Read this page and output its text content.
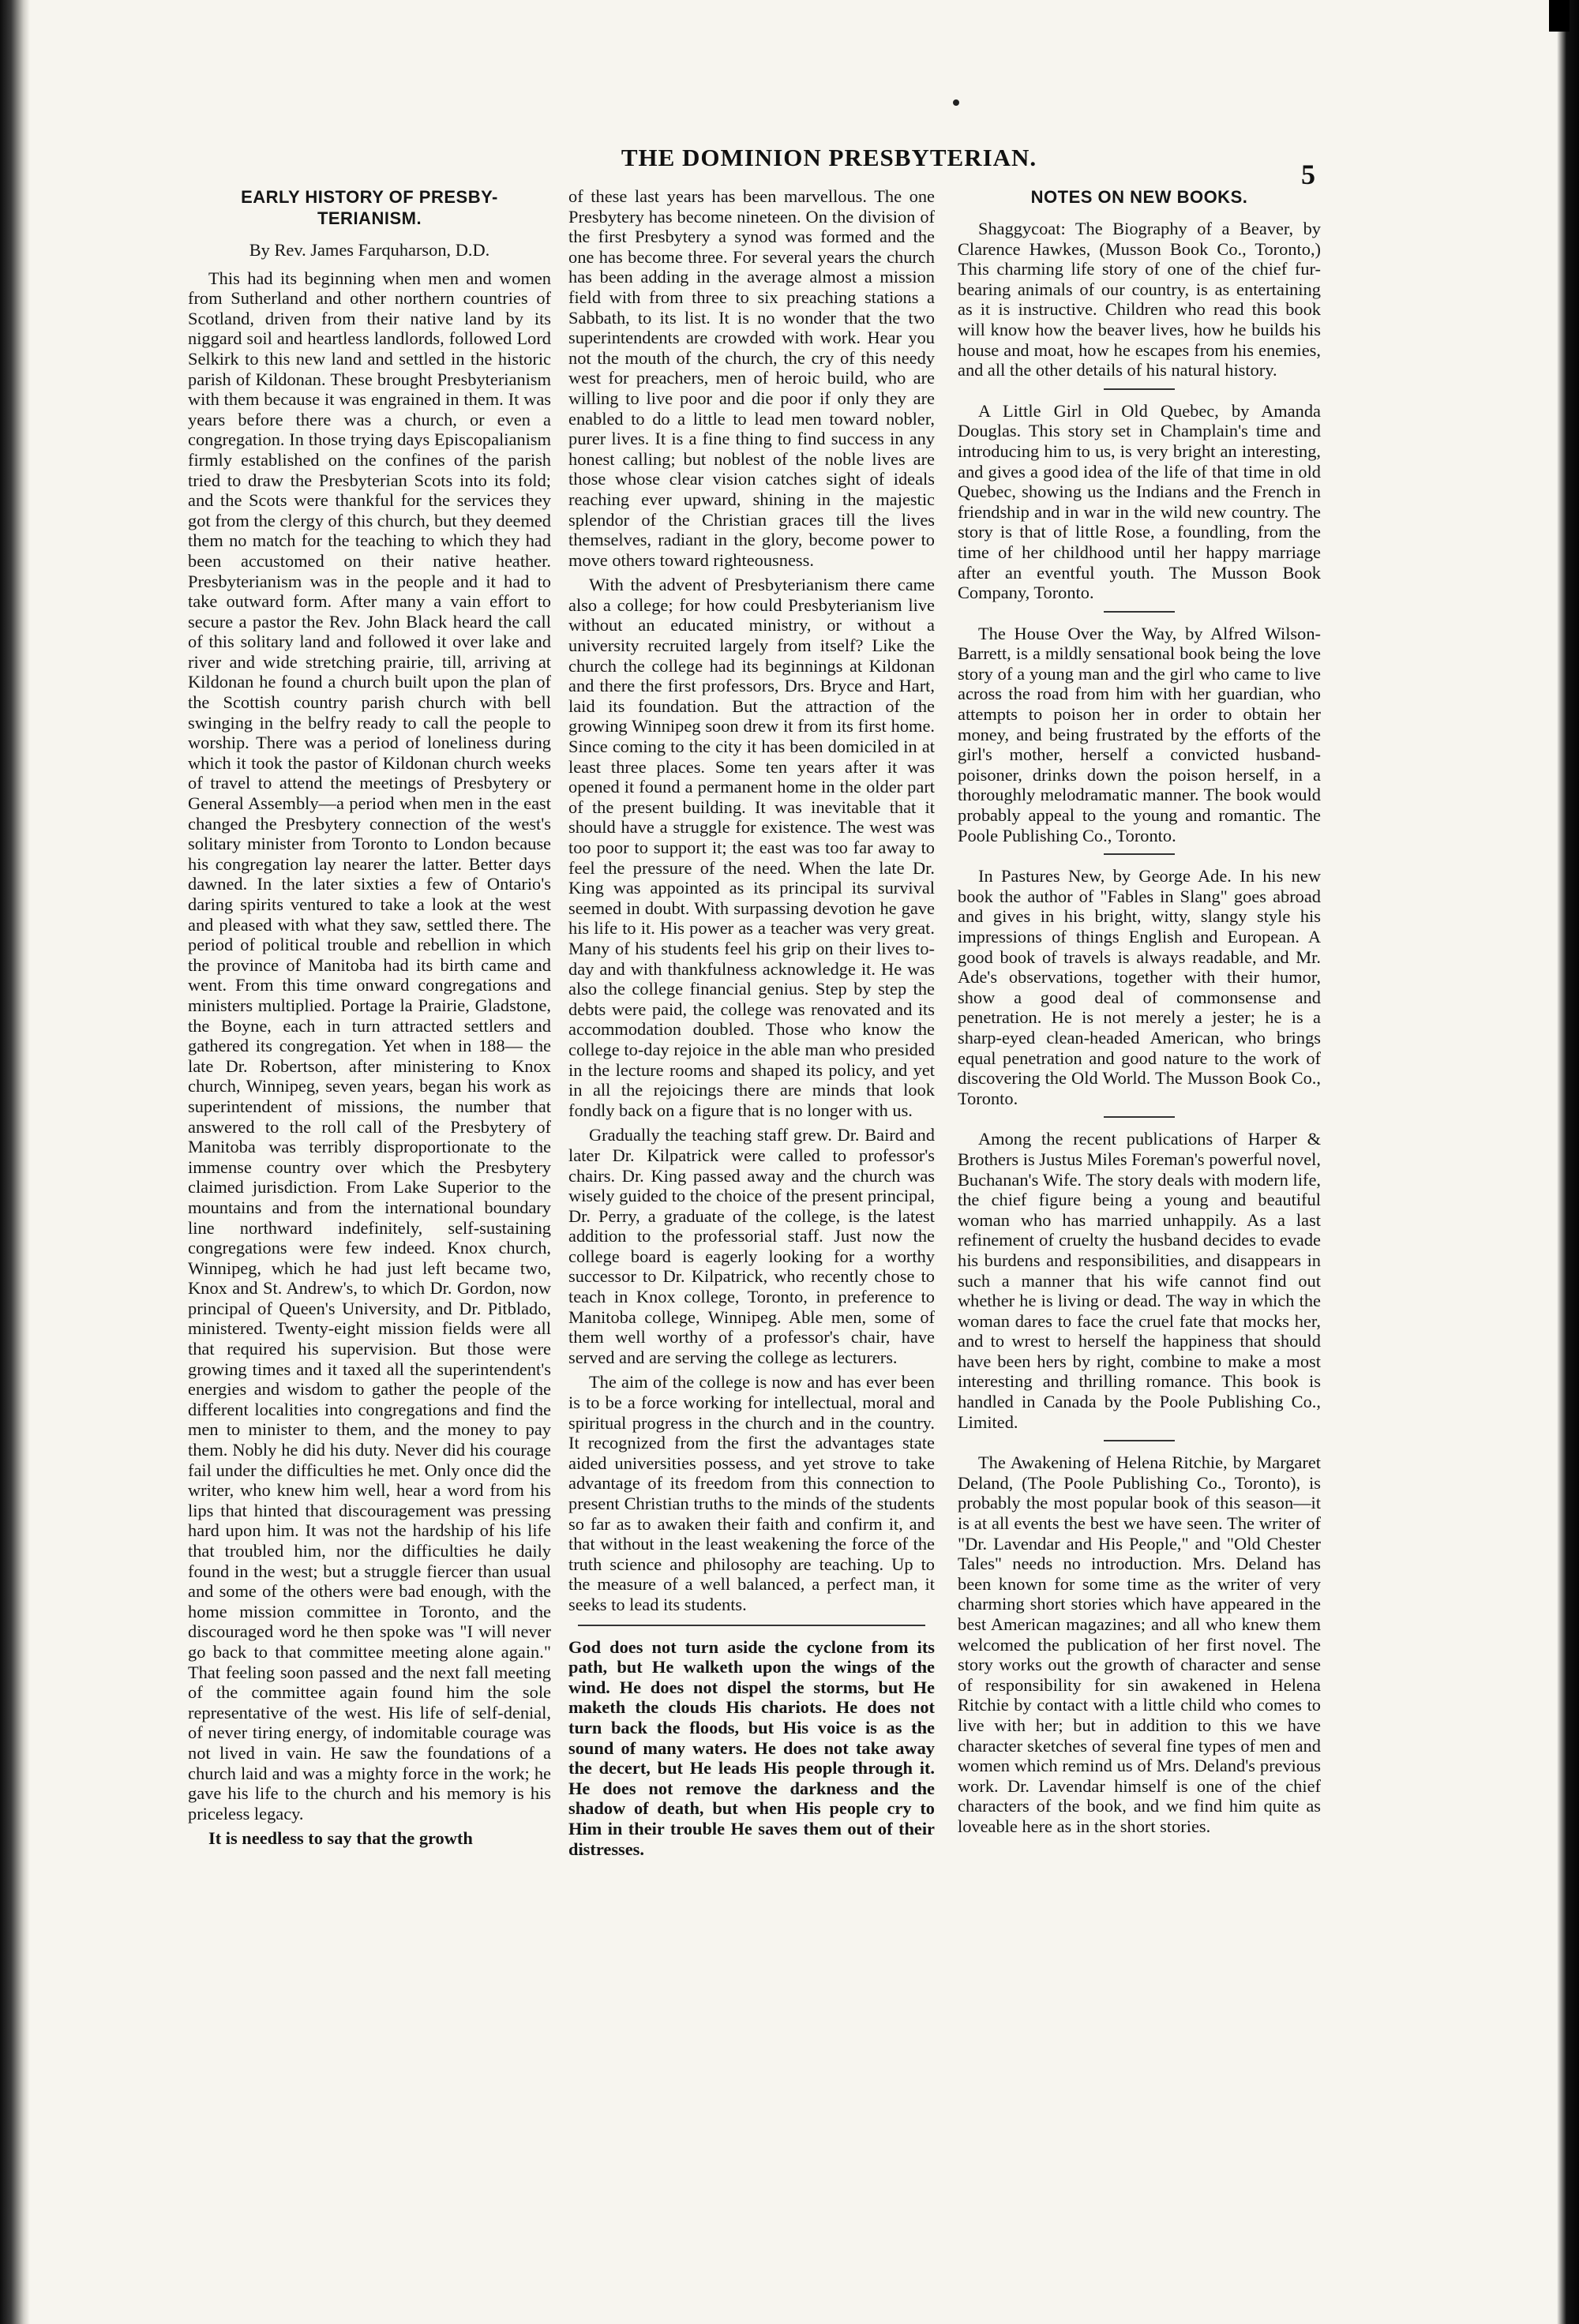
THE DOMINION PRESBYTERIAN.
5
EARLY HISTORY OF PRESBY- TERIANISM.
By Rev. James Farquharson, D.D.

This had its beginning when men and women from Sutherland and other northern countries of Scotland, driven from their native land by its niggard soil and heartless landlords, followed Lord Selkirk to this new land and settled in the historic parish of Kildonan. These brought Presbyterianism with them because it was engrained in them. It was years before there was a church, or even a congregation. In those trying days Episcopalianism firmly established on the confines of the parish tried to draw the Presbyterian Scots into its fold; and the Scots were thankful for the services they got from the clergy of this church, but they deemed them no match for the teaching to which they had been accustomed on their native heather. Presbyterianism was in the people and it had to take outward form. After many a vain effort to secure a pastor the Rev. John Black heard the call of this solitary land and followed it over lake and river and wide stretching prairie, till, arriving at Kildonan he found a church built upon the plan of the Scottish country parish church with bell swinging in the belfry ready to call the people to worship. There was a period of loneliness during which it took the pastor of Kildonan church weeks of travel to attend the meetings of Presbytery or General Assembly—a period when men in the east changed the Presbytery connection of the west's solitary minister from Toronto to London because his congregation lay nearer the latter. Better days dawned. In the later sixties a few of Ontario's daring spirits ventured to take a look at the west and pleased with what they saw, settled there. The period of political trouble and rebellion in which the province of Manitoba had its birth came and went. From this time onward congregations and ministers multiplied. Portage la Prairie, Gladstone, the Boyne, each in turn attracted settlers and gathered its congregation. Yet when in 188— the late Dr. Robertson, after ministering to Knox church, Winnipeg, seven years, began his work as superintendent of missions, the number that answered to the roll call of the Presbytery of Manitoba was terribly disproportionate to the immense country over which the Presbytery claimed jurisdiction. From Lake Superior to the mountains and from the international boundary line northward indefinitely, self-sustaining congregations were few indeed. Knox church, Winnipeg, which he had just left became two, Knox and St. Andrew's, to which Dr. Gordon, now principal of Queen's University, and Dr. Pitblado, ministered. Twenty-eight mission fields were all that required his supervision. But those were growing times and it taxed all the superintendent's energies and wisdom to gather the people of the different localities into congregations and find the men to minister to them, and the money to pay them. Nobly he did his duty. Never did his courage fail under the difficulties he met. Only once did the writer, who knew him well, hear a word from his lips that hinted that discouragement was pressing hard upon him. It was not the hardship of his life that troubled him, nor the difficulties he daily found in the west; but a struggle fiercer than usual and some of the others were bad enough, with the home mission committee in Toronto, and the discouraged word he then spoke was "I will never go back to that committee meeting alone again." That feeling soon passed and the next fall meeting of the committee again found him the sole representative of the west. His life of self-denial, of never tiring energy, of indomitable courage was not lived in vain. He saw the foundations of a church laid and was a mighty force in the work; he gave his life to the church and his memory is his priceless legacy.

It is needless to say that the growth

of these last years has been marvellous. The one Presbytery has become nineteen. On the division of the first Presbytery a synod was formed and the one has become three. For several years the church has been adding in the average almost a mission field with from three to six preaching stations a Sabbath, to its list. It is no wonder that the two superintendents are crowded with work. Hear you not the mouth of the church, the cry of this needy west for preachers, men of heroic build, who are willing to live poor and die poor if only they are enabled to do a little to lead men toward nobler, purer lives. It is a fine thing to find success in any honest calling; but noblest of the noble lives are those whose clear vision catches sight of ideals reaching ever upward, shining in the majestic splendor of the Christian graces till the lives themselves, radiant in the glory, become power to move others toward righteousness.

With the advent of Presbyterianism there came also a college; for how could Presbyterianism live without an educated ministry, or without a university recruited largely from itself? Like the church the college had its beginnings at Kildonan and there the first professors, Drs. Bryce and Hart, laid its foundation. But the attraction of the growing Winnipeg soon drew it from its first home. Since coming to the city it has been domiciled in at least three places. Some ten years after it was opened it found a permanent home in the older part of the present building. It was inevitable that it should have a struggle for existence. The west was too poor to support it; the east was too far away to feel the pressure of the need. When the late Dr. King was appointed as its principal its survival seemed in doubt. With surpassing devotion he gave his life to it. His power as a teacher was very great. Many of his students feel his grip on their lives to-day and with thankfulness acknowledge it. He was also the college financial genius. Step by step the debts were paid, the college was renovated and its accommodation doubled. Those who know the college to-day rejoice in the able man who presided in the lecture rooms and shaped its policy, and yet in all the rejoicings there are minds that look fondly back on a figure that is no longer with us.

Gradually the teaching staff grew. Dr. Baird and later Dr. Kilpatrick were called to professor's chairs. Dr. King passed away and the church was wisely guided to the choice of the present principal, Dr. Perry, a graduate of the college, is the latest addition to the professorial staff. Just now the college board is eagerly looking for a worthy successor to Dr. Kilpatrick, who recently chose to teach in Knox college, Toronto, in preference to Manitoba college, Winnipeg. Able men, some of them well worthy of a professor's chair, have served and are serving the college as lecturers.

The aim of the college is now and has ever been is to be a force working for intellectual, moral and spiritual progress in the church and in the country. It recognized from the first the advantages state aided universities possess, and yet strove to take advantage of its freedom from this connection to present Christian truths to the minds of the students so far as to awaken their faith and confirm it, and that without in the least weakening the force of the truth science and philosophy are teaching. Up to the measure of a well balanced, a perfect man, it seeks to lead its students.

God does not turn aside the cyclone from its path, but He walketh upon the wings of the wind. He does not dispel the storms, but He maketh the clouds His chariots. He does not turn back the floods, but His voice is as the sound of many waters. He does not take away the decert, but He leads His people through it. He does not remove the darkness and the shadow of death, but when His people cry to Him in their trouble He saves them out of their distresses.

NOTES ON NEW BOOKS.

Shaggycoat: The Biography of a Beaver, by Clarence Hawkes, (Musson Book Co., Toronto,) This charming life story of one of the chief fur-bearing animals of our country, is as entertaining as it is instructive. Children who read this book will know how the beaver lives, how he builds his house and moat, how he escapes from his enemies, and all the other details of his natural history.

A Little Girl in Old Quebec, by Amanda Douglas. This story set in Champlain's time and introducing him to us, is very bright an interesting, and gives a good idea of the life of that time in old Quebec, showing us the Indians and the French in friendship and in war in the wild new country. The story is that of little Rose, a foundling, from the time of her childhood until her happy marriage after an eventful youth. The Musson Book Company, Toronto.

The House Over the Way, by Alfred Wilson-Barrett, is a mildly sensational book being the love story of a young man and the girl who came to live across the road from him with her guardian, who attempts to poison her in order to obtain her money, and being frustrated by the efforts of the girl's mother, herself a convicted husband-poisoner, drinks down the poison herself, in a thoroughly melodramatic manner. The book would probably appeal to the young and romantic. The Poole Publishing Co., Toronto.

In Pastures New, by George Ade. In his new book the author of "Fables in Slang" goes abroad and gives in his bright, witty, slangy style his impressions of things English and European. A good book of travels is always readable, and Mr. Ade's observations, together with their humor, show a good deal of commonsense and penetration. He is not merely a jester; he is a sharp-eyed clean-headed American, who brings equal penetration and good nature to the work of discovering the Old World. The Musson Book Co., Toronto.

Among the recent publications of Harper & Brothers is Justus Miles Foreman's powerful novel, Buchanan's Wife. The story deals with modern life, the chief figure being a young and beautiful woman who has married unhappily. As a last refinement of cruelty the husband decides to evade his burdens and responsibilities, and disappears in such a manner that his wife cannot find out whether he is living or dead. The way in which the woman dares to face the cruel fate that mocks her, and to wrest to herself the happiness that should have been hers by right, combine to make a most interesting and thrilling romance. This book is handled in Canada by the Poole Publishing Co., Limited.

The Awakening of Helena Ritchie, by Margaret Deland, (The Poole Publishing Co., Toronto), is probably the most popular book of this season—it is at all events the best we have seen. The writer of "Dr. Lavendar and His People," and "Old Chester Tales" needs no introduction. Mrs. Deland has been known for some time as the writer of very charming short stories which have appeared in the best American magazines; and all who knew them welcomed the publication of her first novel. The story works out the growth of character and sense of responsibility for sin awakened in Helena Ritchie by contact with a little child who comes to live with her; but in addition to this we have character sketches of several fine types of men and women which remind us of Mrs. Deland's previous work. Dr. Lavendar himself is one of the chief characters of the book, and we find him quite as loveable here as in the short stories.
